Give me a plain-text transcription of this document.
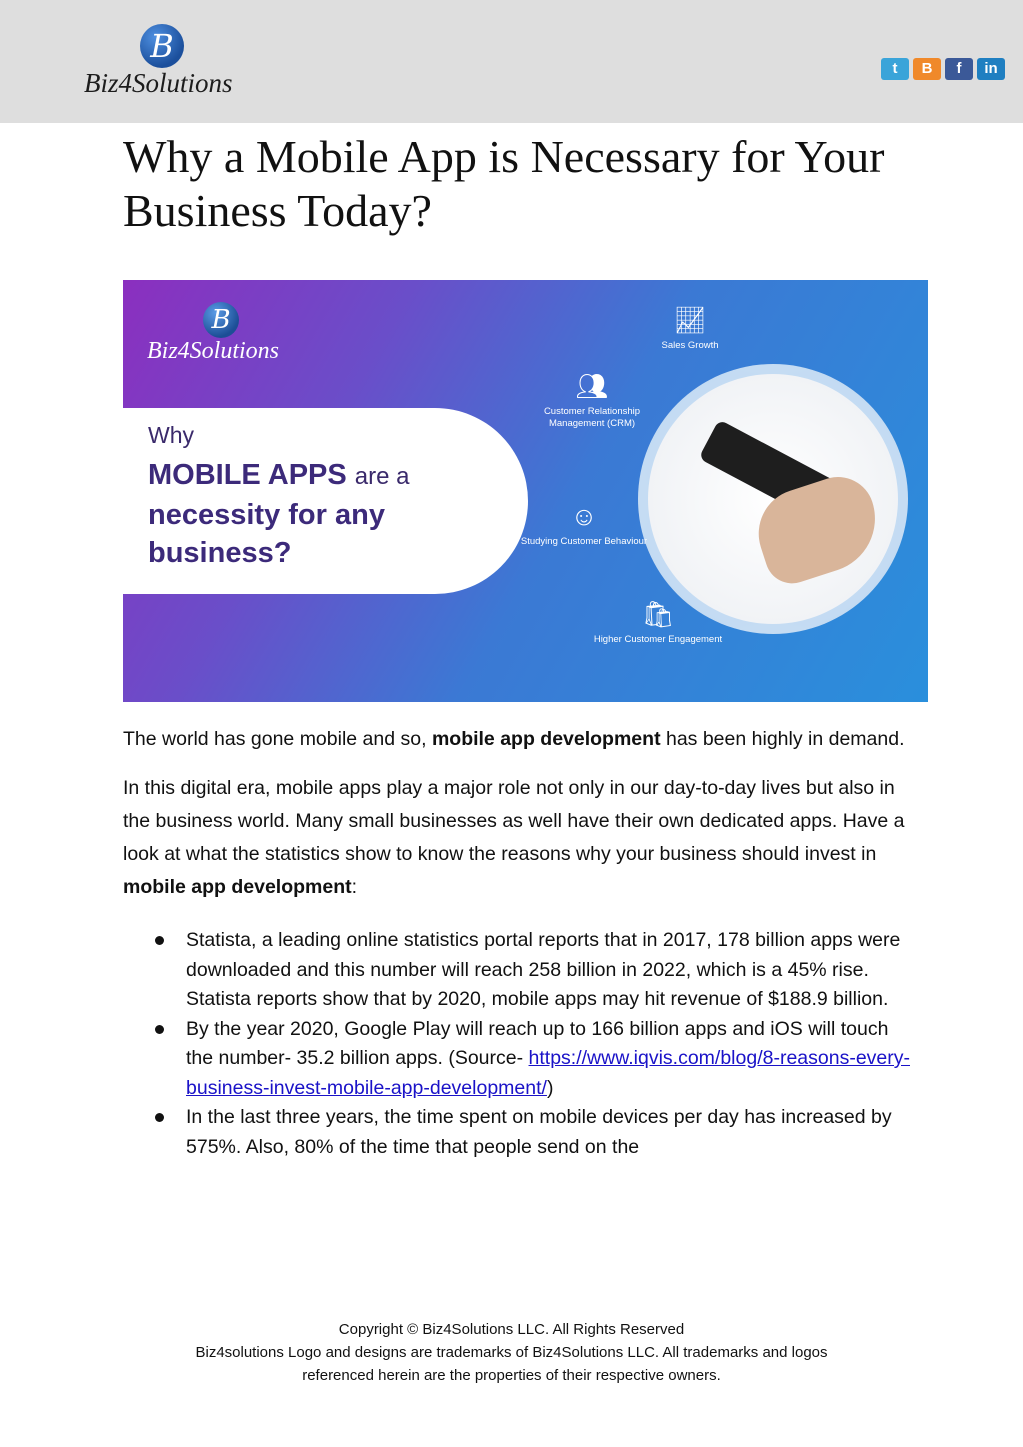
B
Biz4Solutions	t	B	f	in
Why a Mobile App is Necessary for Your Business Today?
B
Biz4Solutions
Why
MOBILE APPS are a
necessity for any business?
📈︎
Sales Growth
👥︎
Customer Relationship Management (CRM)
☺
Studying Customer Behaviour
🛍︎
Higher Customer Engagement

The world has gone mobile and so, mobile app development has been highly in demand.

In this digital era, mobile apps play a major role not only in our day-to-day lives but also in the business world. Many small businesses as well have their own dedicated apps. Have a look at what the statistics show to know the reasons why your business should invest in mobile app development:

Statista, a leading online statistics portal reports that in 2017, 178 billion apps were downloaded and this number will reach 258 billion in 2022, which is a 45% rise. Statista reports show that by 2020, mobile apps may hit revenue of $188.9 billion.
By the year 2020, Google Play will reach up to 166 billion apps and iOS will touch the number- 35.2 billion apps. (Source- https://www.iqvis.com/blog/8-reasons-every-business-invest-mobile-app-development/)
In the last three years, the time spent on mobile devices per day has increased by 575%. Also, 80% of the time that people send on the
Copyright © Biz4Solutions LLC. All Rights Reserved
Biz4solutions Logo and designs are trademarks of Biz4Solutions LLC. All trademarks and logos
referenced herein are the properties of their respective owners.
